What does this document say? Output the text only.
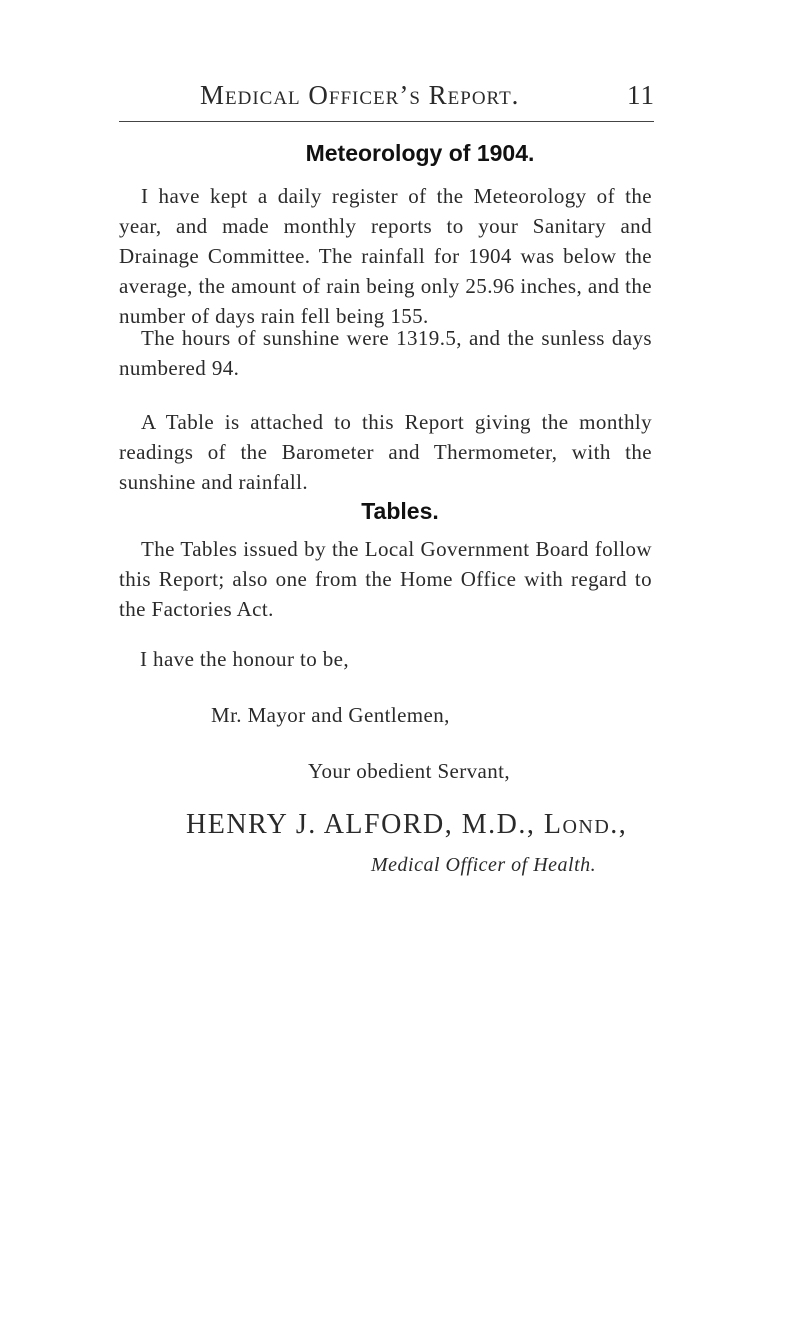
Medical Officer’s Report.	11
Meteorology of 1904.

I have kept a daily register of the Meteorology of the year, and made monthly reports to your Sanitary and Drainage Committee. The rainfall for 1904 was below the average, the amount of rain being only 25.96 inches, and the number of days rain fell being 155.

The hours of sunshine were 1319.5, and the sunless days numbered 94.

A Table is attached to this Report giving the monthly readings of the Barometer and Thermometer, with the sunshine and rainfall.

Tables.

The Tables issued by the Local Government Board follow this Report; also one from the Home Office with regard to the Factories Act.

I have the honour to be,
Mr. Mayor and Gentlemen,
Your obedient Servant,
HENRY J. ALFORD, M.D., Lond.,
Medical Officer of Health.
